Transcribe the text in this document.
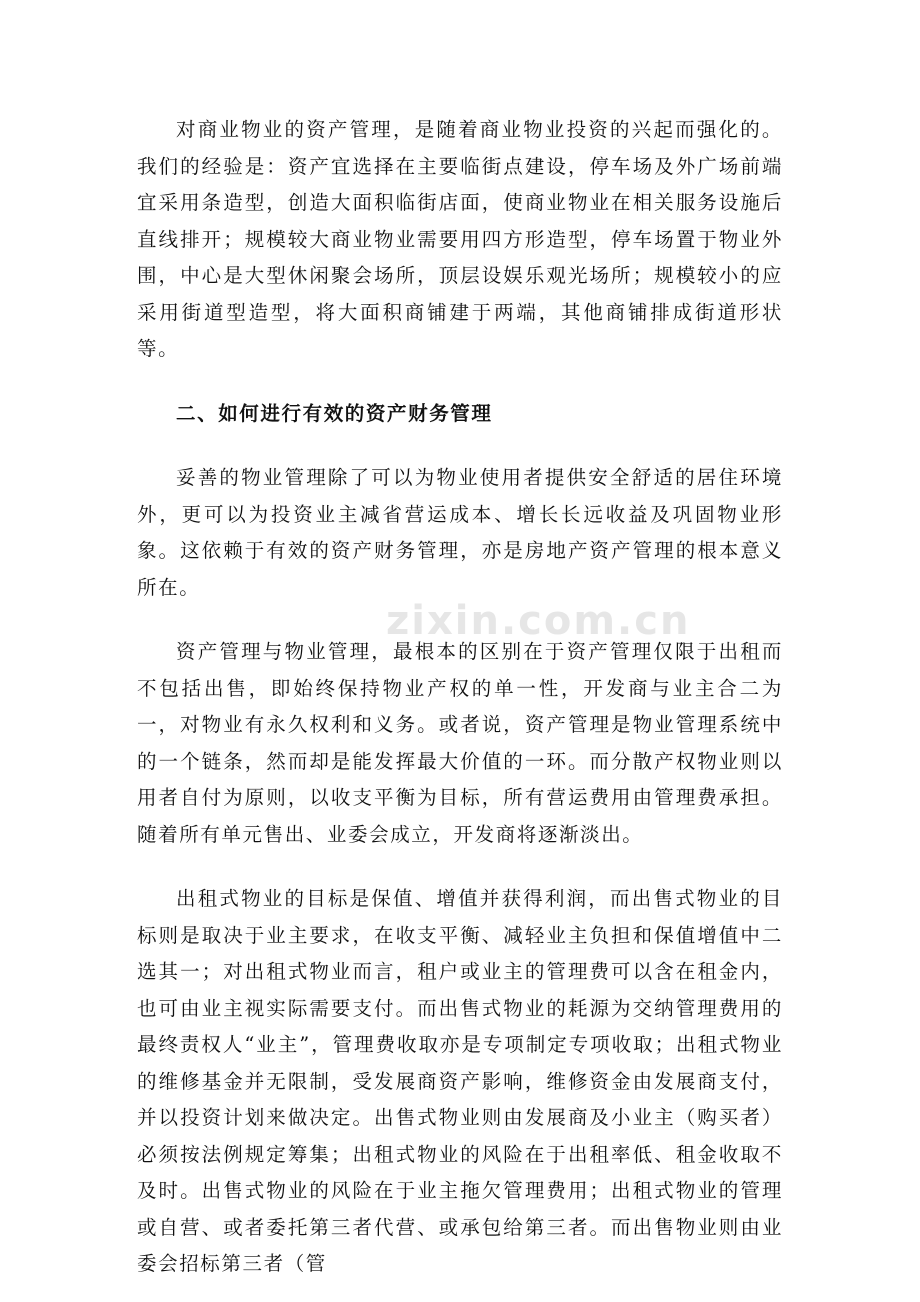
对商业物业的资产管理，是随着商业物业投资的兴起而强化的。我们的经验是：资产宜选择在主要临街点建设，停车场及外广场前端宜采用条造型，创造大面积临街店面，使商业物业在相关服务设施后直线排开；规模较大商业物业需要用四方形造型，停车场置于物业外围，中心是大型休闲聚会场所，顶层设娱乐观光场所；规模较小的应采用街道型造型，将大面积商铺建于两端，其他商铺排成街道形状等。

二、如何进行有效的资产财务管理

妥善的物业管理除了可以为物业使用者提供安全舒适的居住环境外，更可以为投资业主减省营运成本、增长长远收益及巩固物业形象。这依赖于有效的资产财务管理，亦是房地产资产管理的根本意义所在。

资产管理与物业管理，最根本的区别在于资产管理仅限于出租而不包括出售，即始终保持物业产权的单一性，开发商与业主合二为一，对物业有永久权利和义务。或者说，资产管理是物业管理系统中的一个链条，然而却是能发挥最大价值的一环。而分散产权物业则以用者自付为原则，以收支平衡为目标，所有营运费用由管理费承担。随着所有单元售出、业委会成立，开发商将逐渐淡出。

出租式物业的目标是保值、增值并获得利润，而出售式物业的目标则是取决于业主要求，在收支平衡、减轻业主负担和保值增值中二选其一；对出租式物业而言，租户或业主的管理费可以含在租金内，也可由业主视实际需要支付。而出售式物业的耗源为交纳管理费用的最终责权人“业主”，管理费收取亦是专项制定专项收取；出租式物业的维修基金并无限制，受发展商资产影响，维修资金由发展商支付，并以投资计划来做决定。出售式物业则由发展商及小业主（购买者）必须按法例规定筹集；出租式物业的风险在于出租率低、租金收取不及时。出售式物业的风险在于业主拖欠管理费用；出租式物业的管理或自营、或者委托第三者代营、或承包给第三者。而出售物业则由业委会招标第三者（管

zixin.com.cn
